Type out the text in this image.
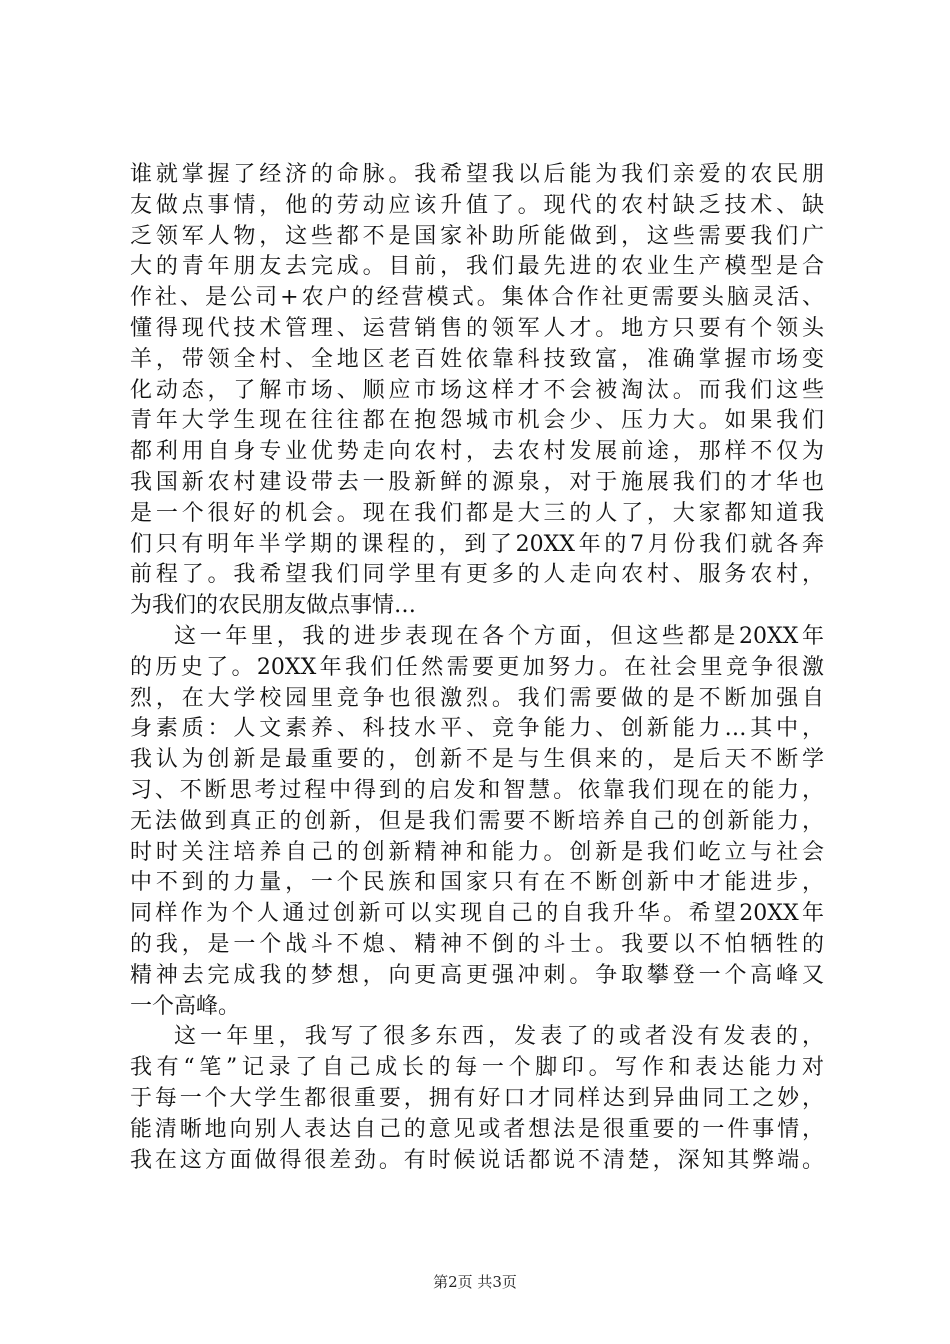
谁就掌握了经济的命脉。我希望我以后能为我们亲爱的农民朋
友做点事情，他的劳动应该升值了。现代的农村缺乏技术、缺
乏领军人物，这些都不是国家补助所能做到，这些需要我们广
大的青年朋友去完成。目前，我们最先进的农业生产模型是合
作社、是公司+农户的经营模式。集体合作社更需要头脑灵活、
懂得现代技术管理、运营销售的领军人才。地方只要有个领头
羊，带领全村、全地区老百姓依靠科技致富，准确掌握市场变
化动态，了解市场、顺应市场这样才不会被淘汰。而我们这些
青年大学生现在往往都在抱怨城市机会少、压力大。如果我们
都利用自身专业优势走向农村，去农村发展前途，那样不仅为
我国新农村建设带去一股新鲜的源泉，对于施展我们的才华也
是一个很好的机会。现在我们都是大三的人了，大家都知道我
们只有明年半学期的课程的，到了20XX年的7月份我们就各奔
前程了。我希望我们同学里有更多的人走向农村、服务农村，
为我们的农民朋友做点事情…
这一年里，我的进步表现在各个方面，但这些都是20XX年
的历史了。20XX年我们任然需要更加努力。在社会里竞争很激
烈，在大学校园里竞争也很激烈。我们需要做的是不断加强自
身素质：人文素养、科技水平、竞争能力、创新能力…其中，
我认为创新是最重要的，创新不是与生俱来的，是后天不断学
习、不断思考过程中得到的启发和智慧。依靠我们现在的能力，
无法做到真正的创新，但是我们需要不断培养自己的创新能力，
时时关注培养自己的创新精神和能力。创新是我们屹立与社会
中不到的力量，一个民族和国家只有在不断创新中才能进步，
同样作为个人通过创新可以实现自己的自我升华。希望20XX年
的我，是一个战斗不熄、精神不倒的斗士。我要以不怕牺牲的
精神去完成我的梦想，向更高更强冲刺。争取攀登一个高峰又
一个高峰。
这一年里，我写了很多东西，发表了的或者没有发表的，
我有“笔”记录了自己成长的每一个脚印。写作和表达能力对
于每一个大学生都很重要，拥有好口才同样达到异曲同工之妙，
能清晰地向别人表达自己的意见或者想法是很重要的一件事情，
我在这方面做得很差劲。有时候说话都说不清楚，深知其弊端。
第2页 共3页
